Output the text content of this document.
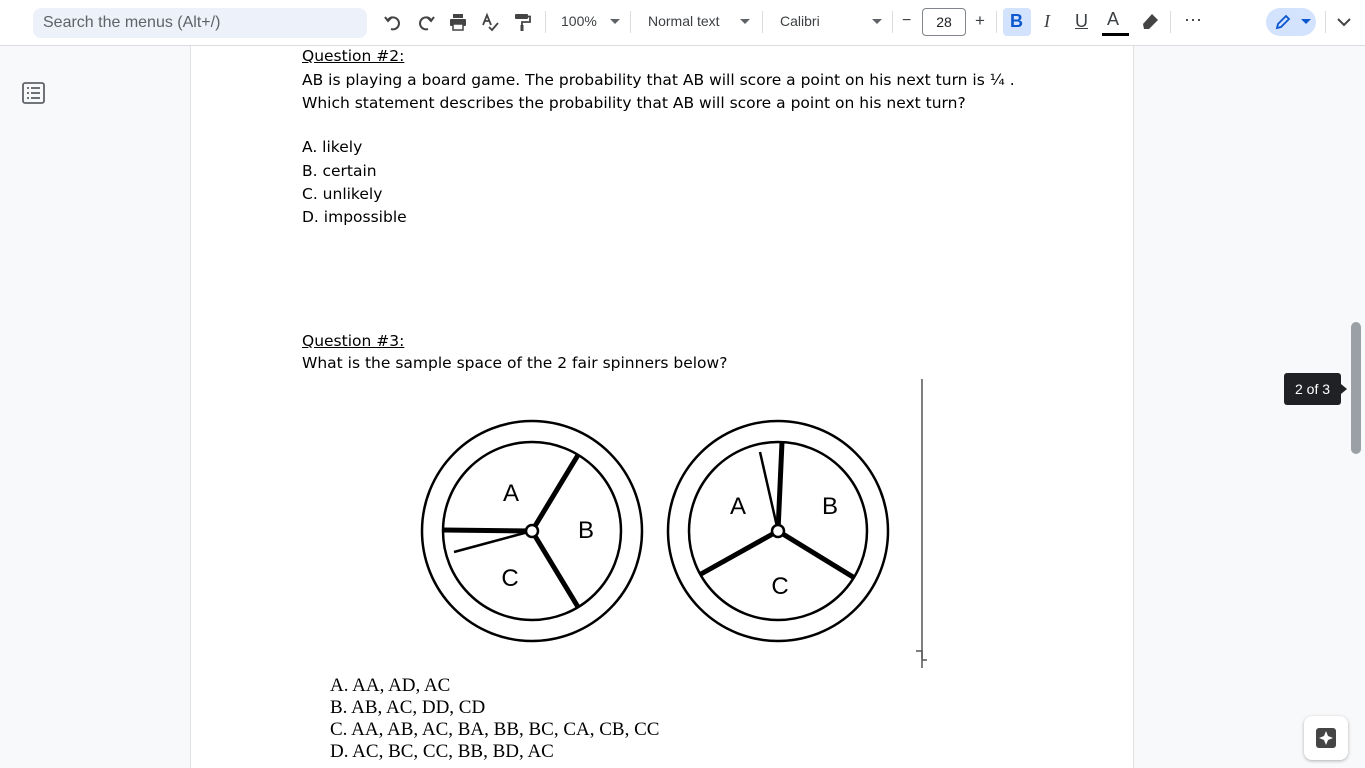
Search the menus (Alt+/)	100%	Normal text	Calibri	−	28	+ B I U A	⋯
Question #2:
AB is playing a board game. The probability that AB will score a point on his next turn is ¼ .
Which statement describes the probability that AB will score a point on his next turn?
A. likely
B. certain
C. unlikely
D. impossible
Question #3:
What is the sample space of the 2 fair spinners below?
A
B
C
A	B
C
A. AA, AD, AC
B. AB, AC, DD, CD
C. AA, AB, AC, BA, BB, BC, CA, CB, CC
D. AC, BC, CC, BB, BD, AC
2 of 3
